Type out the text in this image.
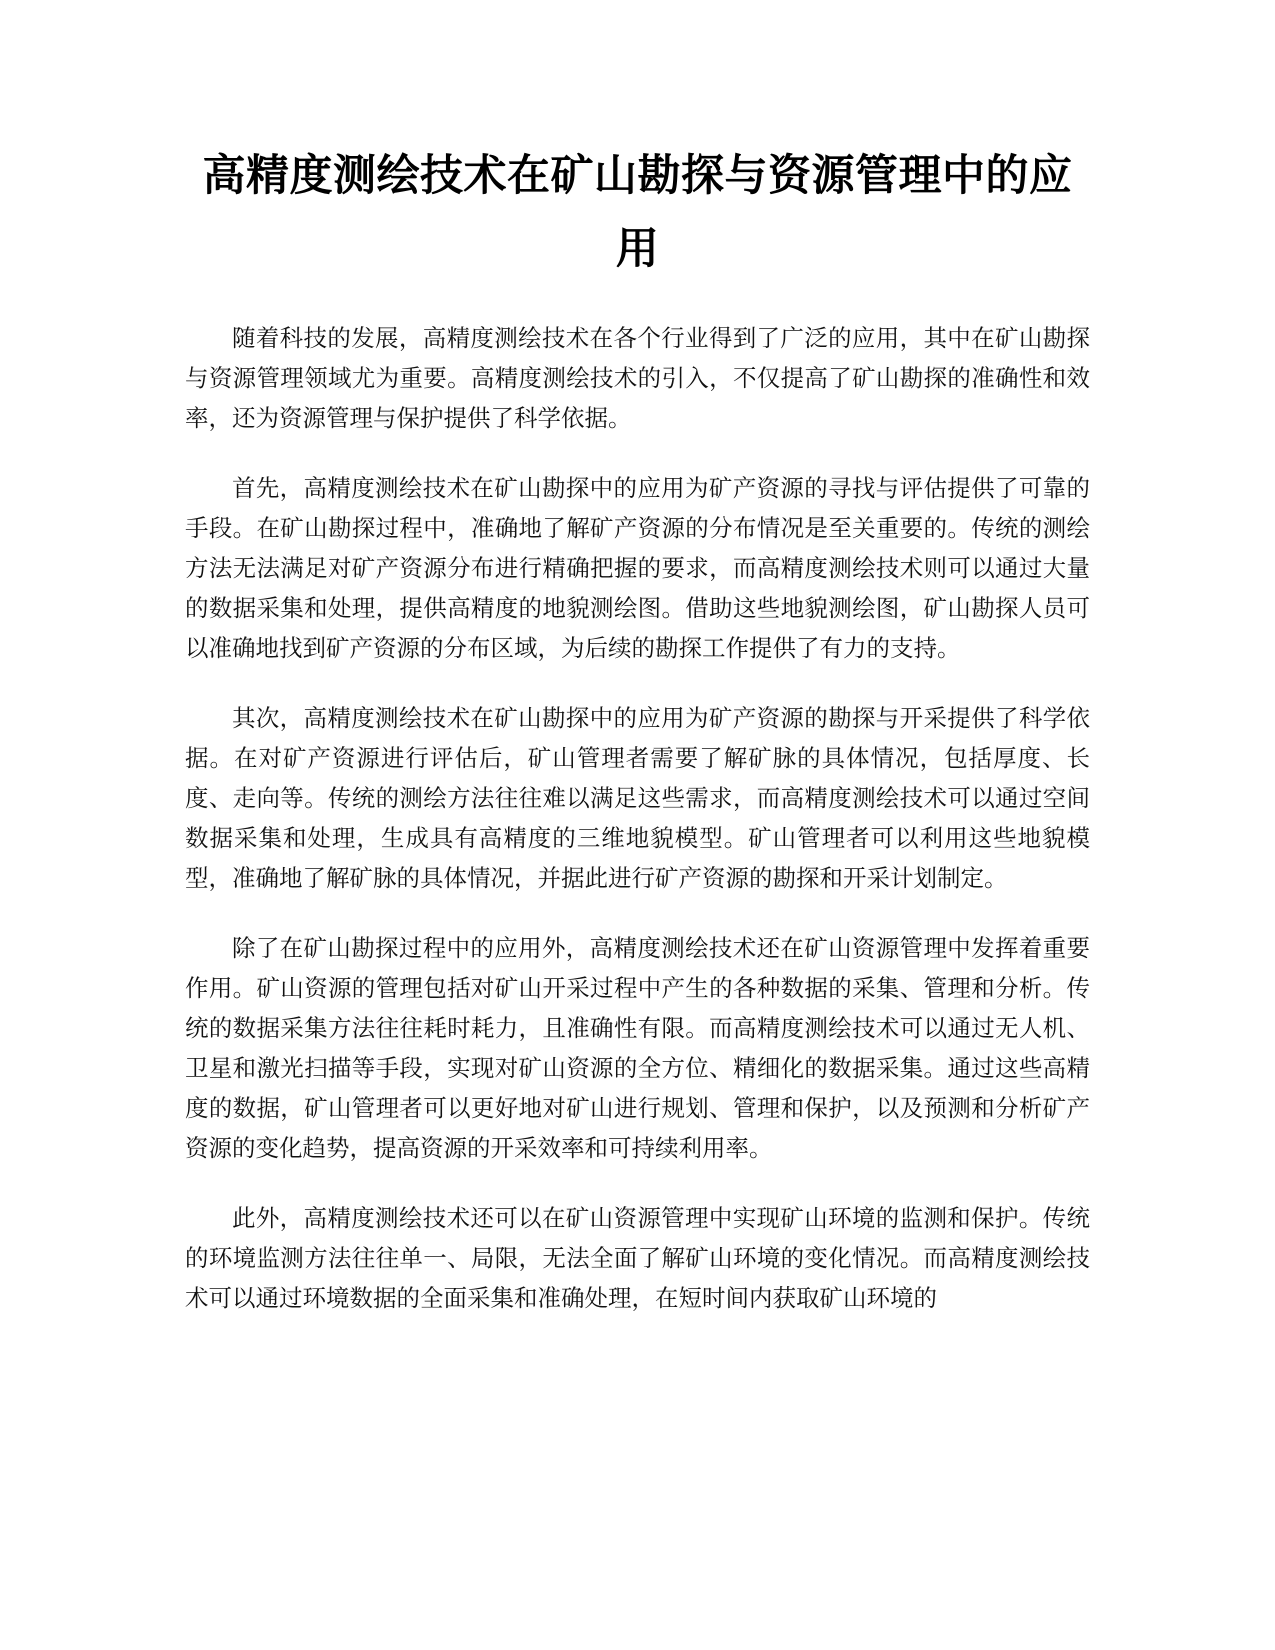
高精度测绘技术在矿山勘探与资源管理中的应用

随着科技的发展，高精度测绘技术在各个行业得到了广泛的应用，其中在矿山勘探与资源管理领域尤为重要。高精度测绘技术的引入，不仅提高了矿山勘探的准确性和效率，还为资源管理与保护提供了科学依据。

首先，高精度测绘技术在矿山勘探中的应用为矿产资源的寻找与评估提供了可靠的手段。在矿山勘探过程中，准确地了解矿产资源的分布情况是至关重要的。传统的测绘方法无法满足对矿产资源分布进行精确把握的要求，而高精度测绘技术则可以通过大量的数据采集和处理，提供高精度的地貌测绘图。借助这些地貌测绘图，矿山勘探人员可以准确地找到矿产资源的分布区域，为后续的勘探工作提供了有力的支持。

其次，高精度测绘技术在矿山勘探中的应用为矿产资源的勘探与开采提供了科学依据。在对矿产资源进行评估后，矿山管理者需要了解矿脉的具体情况，包括厚度、长度、走向等。传统的测绘方法往往难以满足这些需求，而高精度测绘技术可以通过空间数据采集和处理，生成具有高精度的三维地貌模型。矿山管理者可以利用这些地貌模型，准确地了解矿脉的具体情况，并据此进行矿产资源的勘探和开采计划制定。

除了在矿山勘探过程中的应用外，高精度测绘技术还在矿山资源管理中发挥着重要作用。矿山资源的管理包括对矿山开采过程中产生的各种数据的采集、管理和分析。传统的数据采集方法往往耗时耗力，且准确性有限。而高精度测绘技术可以通过无人机、卫星和激光扫描等手段，实现对矿山资源的全方位、精细化的数据采集。通过这些高精度的数据，矿山管理者可以更好地对矿山进行规划、管理和保护，以及预测和分析矿产资源的变化趋势，提高资源的开采效率和可持续利用率。

此外，高精度测绘技术还可以在矿山资源管理中实现矿山环境的监测和保护。传统的环境监测方法往往单一、局限，无法全面了解矿山环境的变化情况。而高精度测绘技术可以通过环境数据的全面采集和准确处理，在短时间内获取矿山环境的
